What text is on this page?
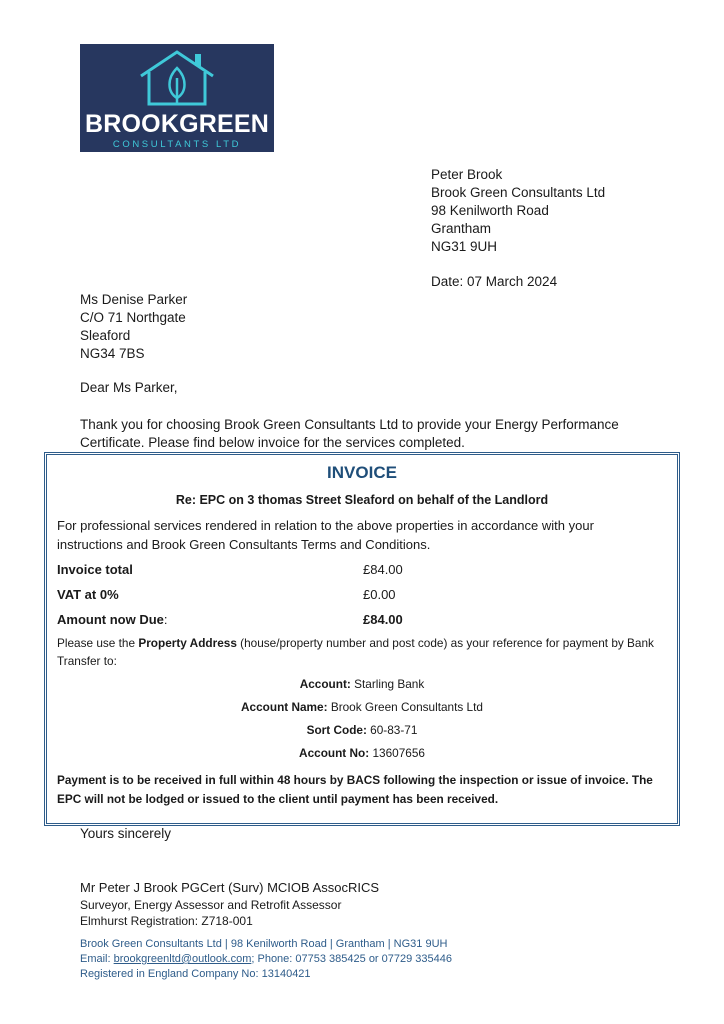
BROOKGREEN
CONSULTANTS LTD
Peter Brook
Brook Green Consultants Ltd
98 Kenilworth Road
Grantham
NG31 9UH
Date: 07 March 2024
Ms Denise Parker
C/O 71 Northgate
Sleaford
NG34 7BS
Dear Ms Parker,
Thank you for choosing Brook Green Consultants Ltd to provide your Energy Performance Certificate. Please find below invoice for the services completed.
INVOICE
Re: EPC on 3 thomas Street Sleaford on behalf of the Landlord
For professional services rendered in relation to the above properties in accordance with your instructions and Brook Green Consultants Terms and Conditions.
Invoice total	£84.00
VAT at 0%	£0.00
Amount now Due:	£84.00
Please use the Property Address (house/property number and post code) as your reference for payment by Bank Transfer to:
Account: Starling Bank
Account Name: Brook Green Consultants Ltd
Sort Code: 60-83-71
Account No: 13607656
Payment is to be received in full within 48 hours by BACS following the inspection or issue of invoice. The EPC will not be lodged or issued to the client until payment has been received.
Yours sincerely
Mr Peter J Brook PGCert (Surv) MCIOB AssocRICS
Surveyor, Energy Assessor and Retrofit Assessor
Elmhurst Registration: Z718-001
Brook Green Consultants Ltd | 98 Kenilworth Road | Grantham | NG31 9UH
Email: brookgreenltd@outlook.com; Phone: 07753 385425 or 07729 335446
Registered in England Company No: 13140421
